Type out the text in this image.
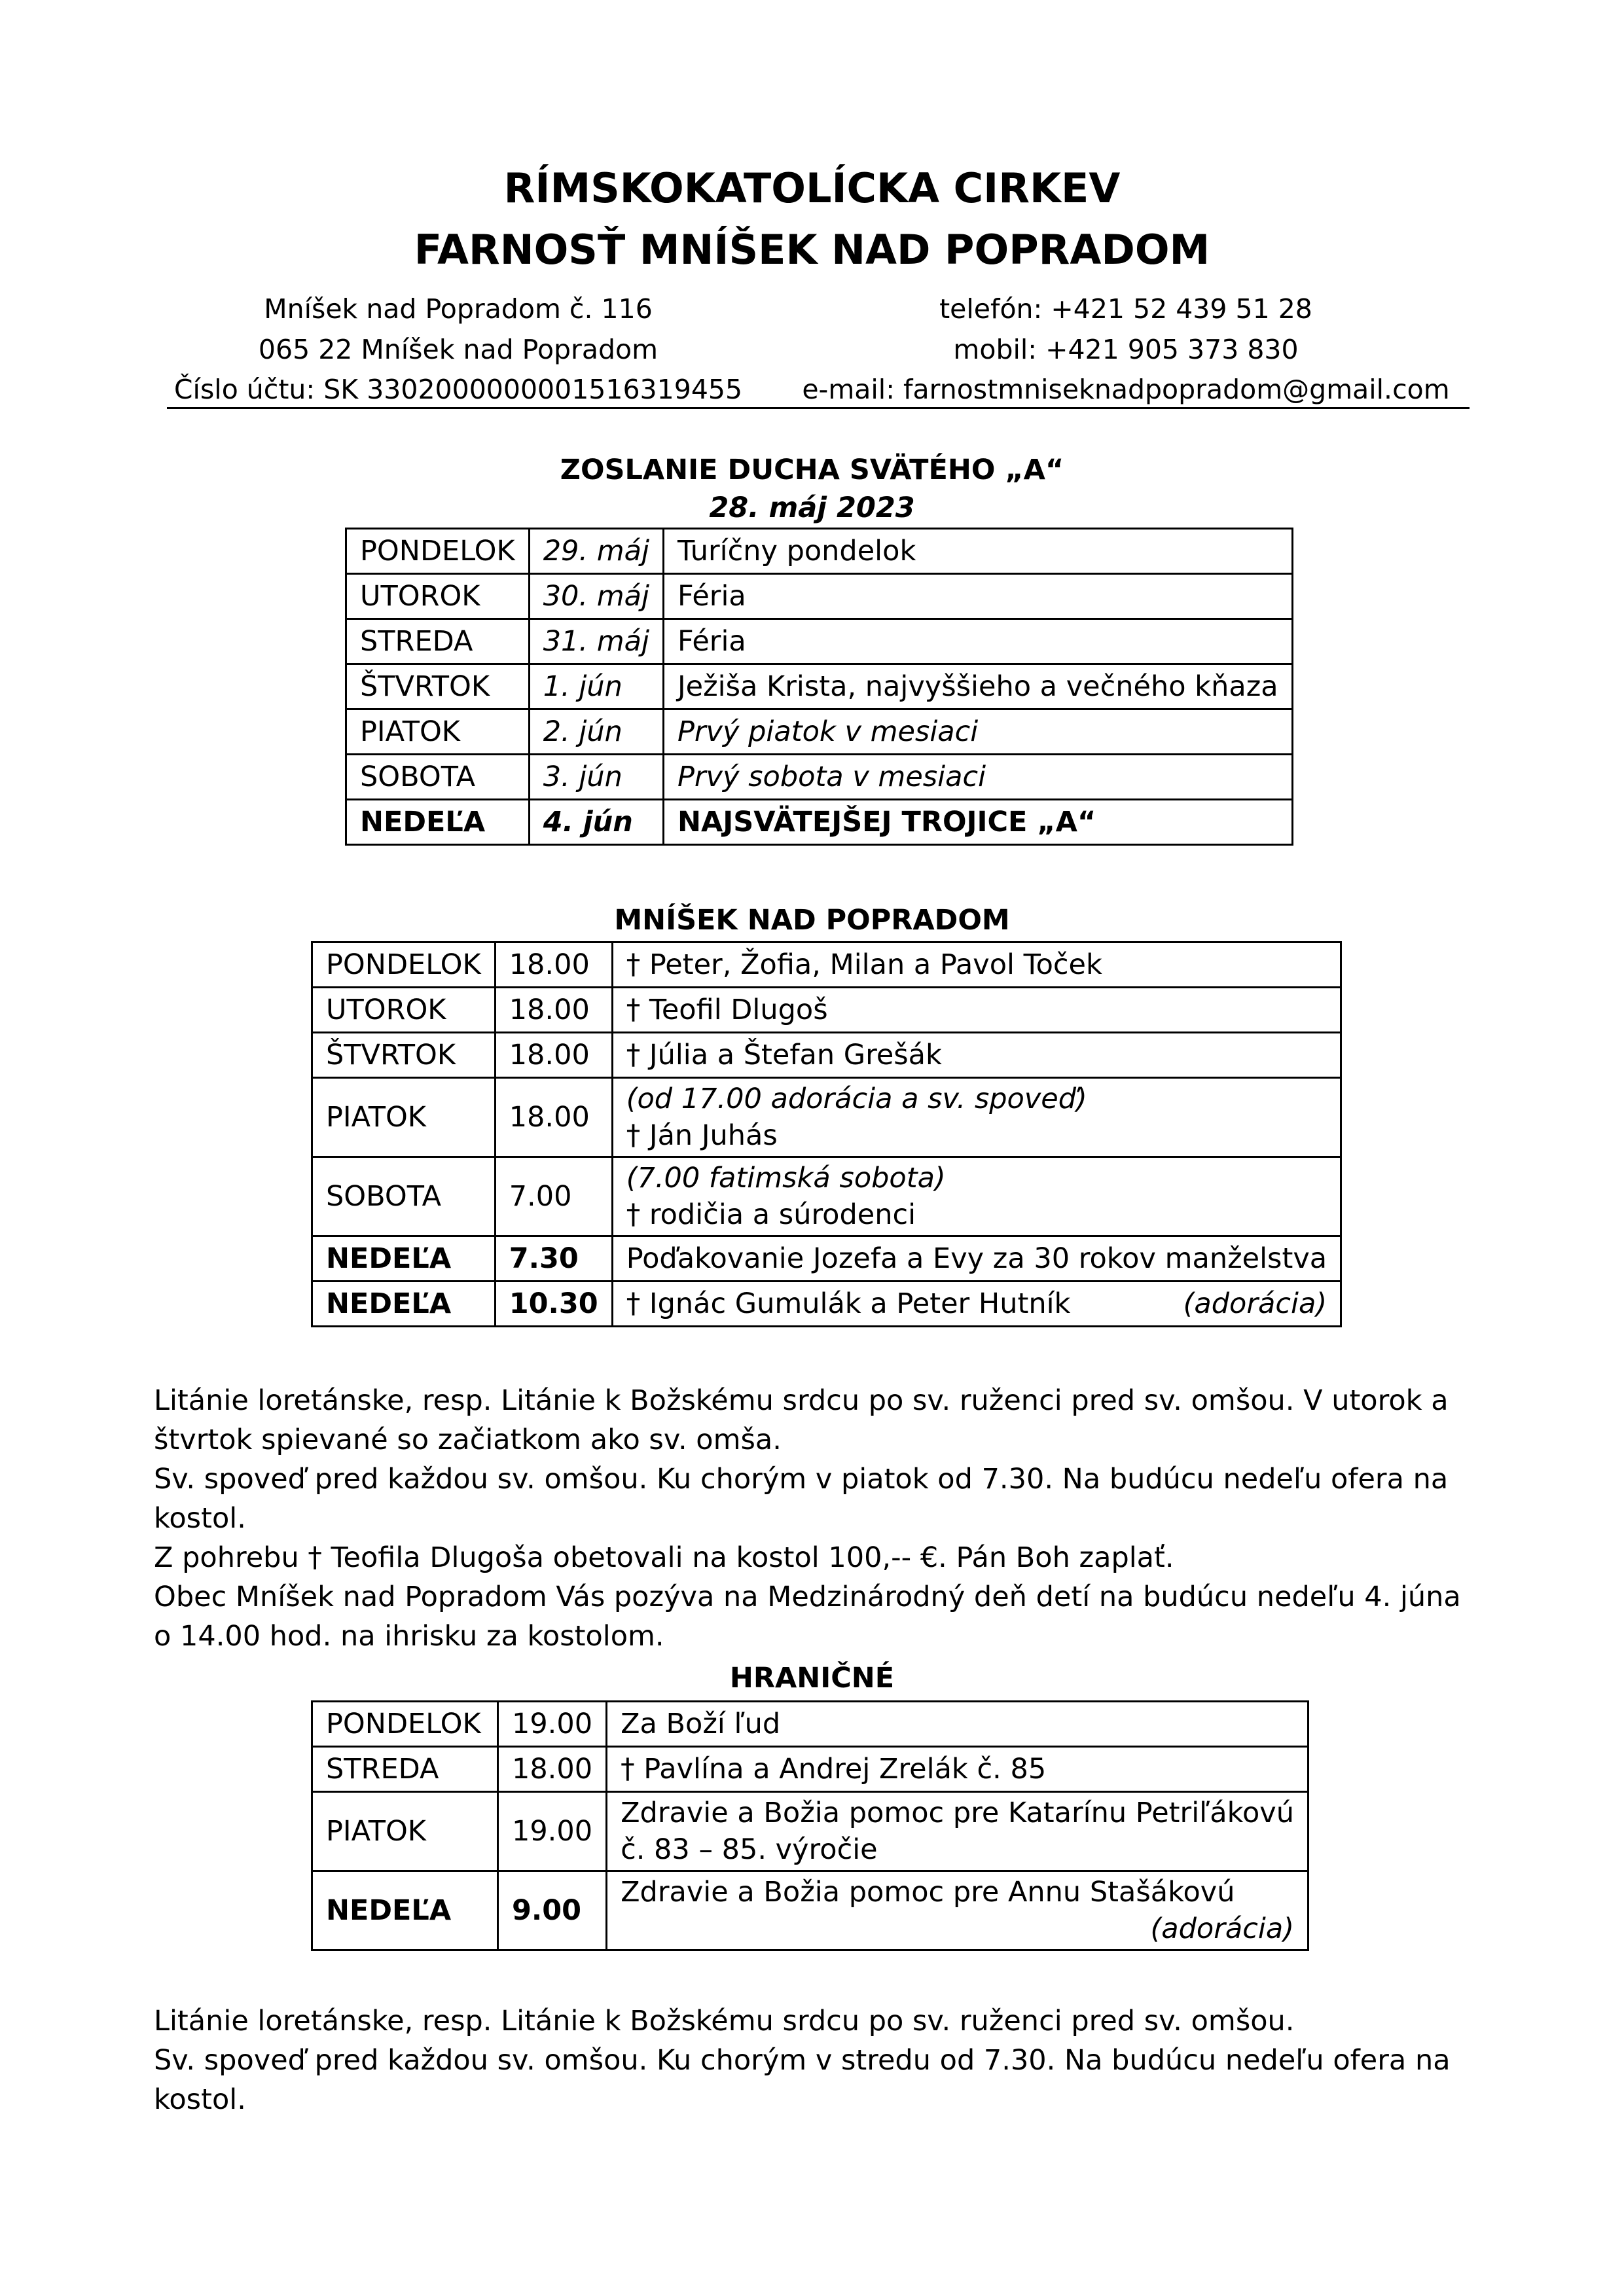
RÍMSKOKATOLÍCKA CIRKEV
FARNOSŤ MNÍŠEK NAD POPRADOM
Mníšek nad Popradom č. 116
065 22 Mníšek nad Popradom
Číslo účtu: SK 3302000000001516319455
telefón: +421 52 439 51 28
mobil: +421 905 373 830
e-mail: farnostmniseknadpopradom@gmail.com
ZOSLANIE DUCHA SVÄTÉHO „A“
28. máj 2023
PONDELOK	29. máj	Turíčny pondelok
UTOROK	30. máj	Féria
STREDA	31. máj	Féria
ŠTVRTOK	1. jún	Ježiša Krista, najvyššieho a večného kňaza
PIATOK	2. jún	Prvý piatok v mesiaci
SOBOTA	3. jún	Prvý sobota v mesiaci
NEDEĽA	4. jún	NAJSVÄTEJŠEJ TROJICE „A“
MNÍŠEK NAD POPRADOM
PONDELOK	18.00	† Peter, Žofia, Milan a Pavol Toček
UTOROK	18.00	† Teofil Dlugoš
ŠTVRTOK	18.00	† Júlia a Štefan Grešák
PIATOK	18.00	(od 17.00 adorácia a sv. spoveď)
† Ján Juhás

SOBOTA	7.00	(7.00 fatimská sobota)
† rodičia a súrodenci

NEDEĽA	7.30	Poďakovanie Jozefa a Evy za 30 rokov manželstva
NEDEĽA	10.30	(adorácia)
† Ignác Gumulák a Peter Hutník

Litánie loretánske, resp. Litánie k Božskému srdcu po sv. ruženci pred sv. omšou. V utorok a štvrtok spievané so začiatkom ako sv. omša.

Sv. spoveď pred každou sv. omšou. Ku chorým v piatok od 7.30. Na budúcu nedeľu ofera na kostol.

Z pohrebu † Teofila Dlugoša obetovali na kostol 100,-- €. Pán Boh zaplať.

Obec Mníšek nad Popradom Vás pozýva na Medzinárodný deň detí na budúcu nedeľu 4. júna o 14.00 hod. na ihrisku za kostolom.

HRANIČNÉ
PONDELOK	19.00	Za Boží ľud
STREDA	18.00	† Pavlína a Andrej Zrelák č. 85
PIATOK	19.00	Zdravie a Božia pomoc pre Katarínu Petriľákovú
č. 83 – 85. výročie

NEDEĽA	9.00	Zdravie a Božia pomoc pre Annu Stašákovú
(adorácia)

Litánie loretánske, resp. Litánie k Božskému srdcu po sv. ruženci pred sv. omšou.

Sv. spoveď pred každou sv. omšou. Ku chorým v stredu od 7.30. Na budúcu nedeľu ofera na kostol.
